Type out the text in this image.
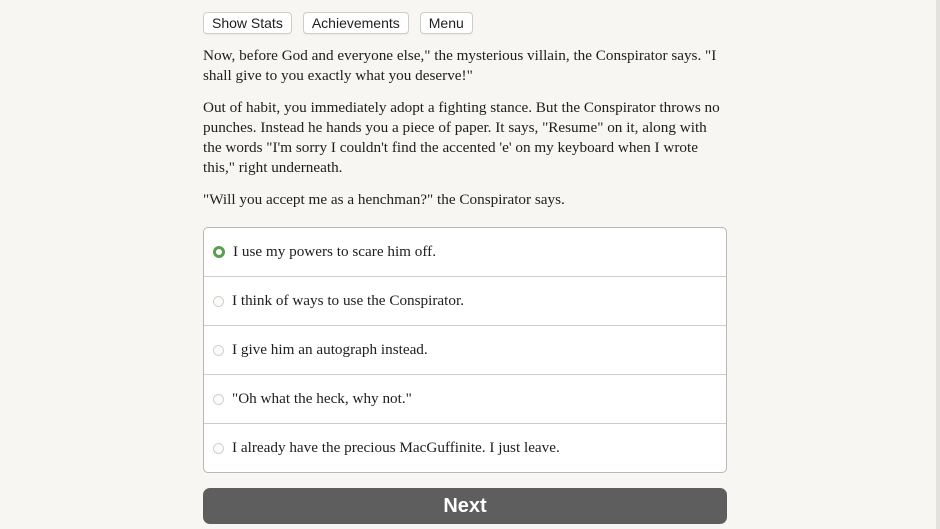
Show Stats	Achievements	Menu

Now, before God and everyone else," the mysterious villain, the Conspirator says. "I shall give to you exactly what you deserve!"

Out of habit, you immediately adopt a fighting stance. But the Conspirator throws no punches. Instead he hands you a piece of paper. It says, "Resume" on it, along with the words "I'm sorry I couldn't find the accented 'e' on my keyboard when I wrote this," right underneath.

"Will you accept me as a henchman?" the Conspirator says.

I use my powers to scare him off.
I think of ways to use the Conspirator.
I give him an autograph instead.
"Oh what the heck, why not."
I already have the precious MacGuffinite. I just leave.
Next
